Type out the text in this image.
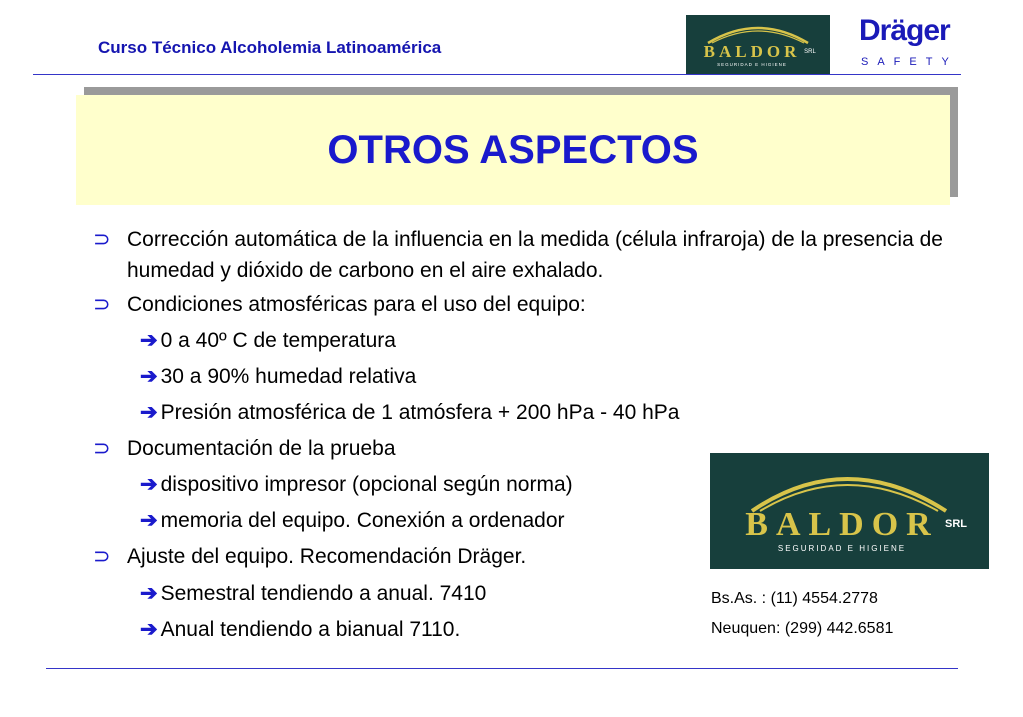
Curso Técnico Alcoholemia Latinoamérica	BALDOR SRL
SEGURIDAD E HIGIENE
Dräger
SAFETY
OTROS ASPECTOS
⊃ Corrección automática de la influencia en la medida (célula infraroja) de la presencia de humedad y dióxido de carbono en el aire exhalado.
⊃ Condiciones atmosféricas para el uso del equipo:
➔ 0 a 40º C de temperatura
➔ 30 a 90% humedad relativa
➔ Presión atmosférica de 1 atmósfera + 200 hPa - 40 hPa
⊃ Documentación de la prueba
➔ dispositivo impresor (opcional según norma)
➔ memoria del equipo. Conexión a ordenador
⊃ Ajuste del equipo. Recomendación Dräger.
➔ Semestral tendiendo a anual. 7410
➔ Anual tendiendo a bianual 7110.
BALDOR SRL
SEGURIDAD E HIGIENE
Bs.As. : (11) 4554.2778
Neuquen: (299) 442.6581
